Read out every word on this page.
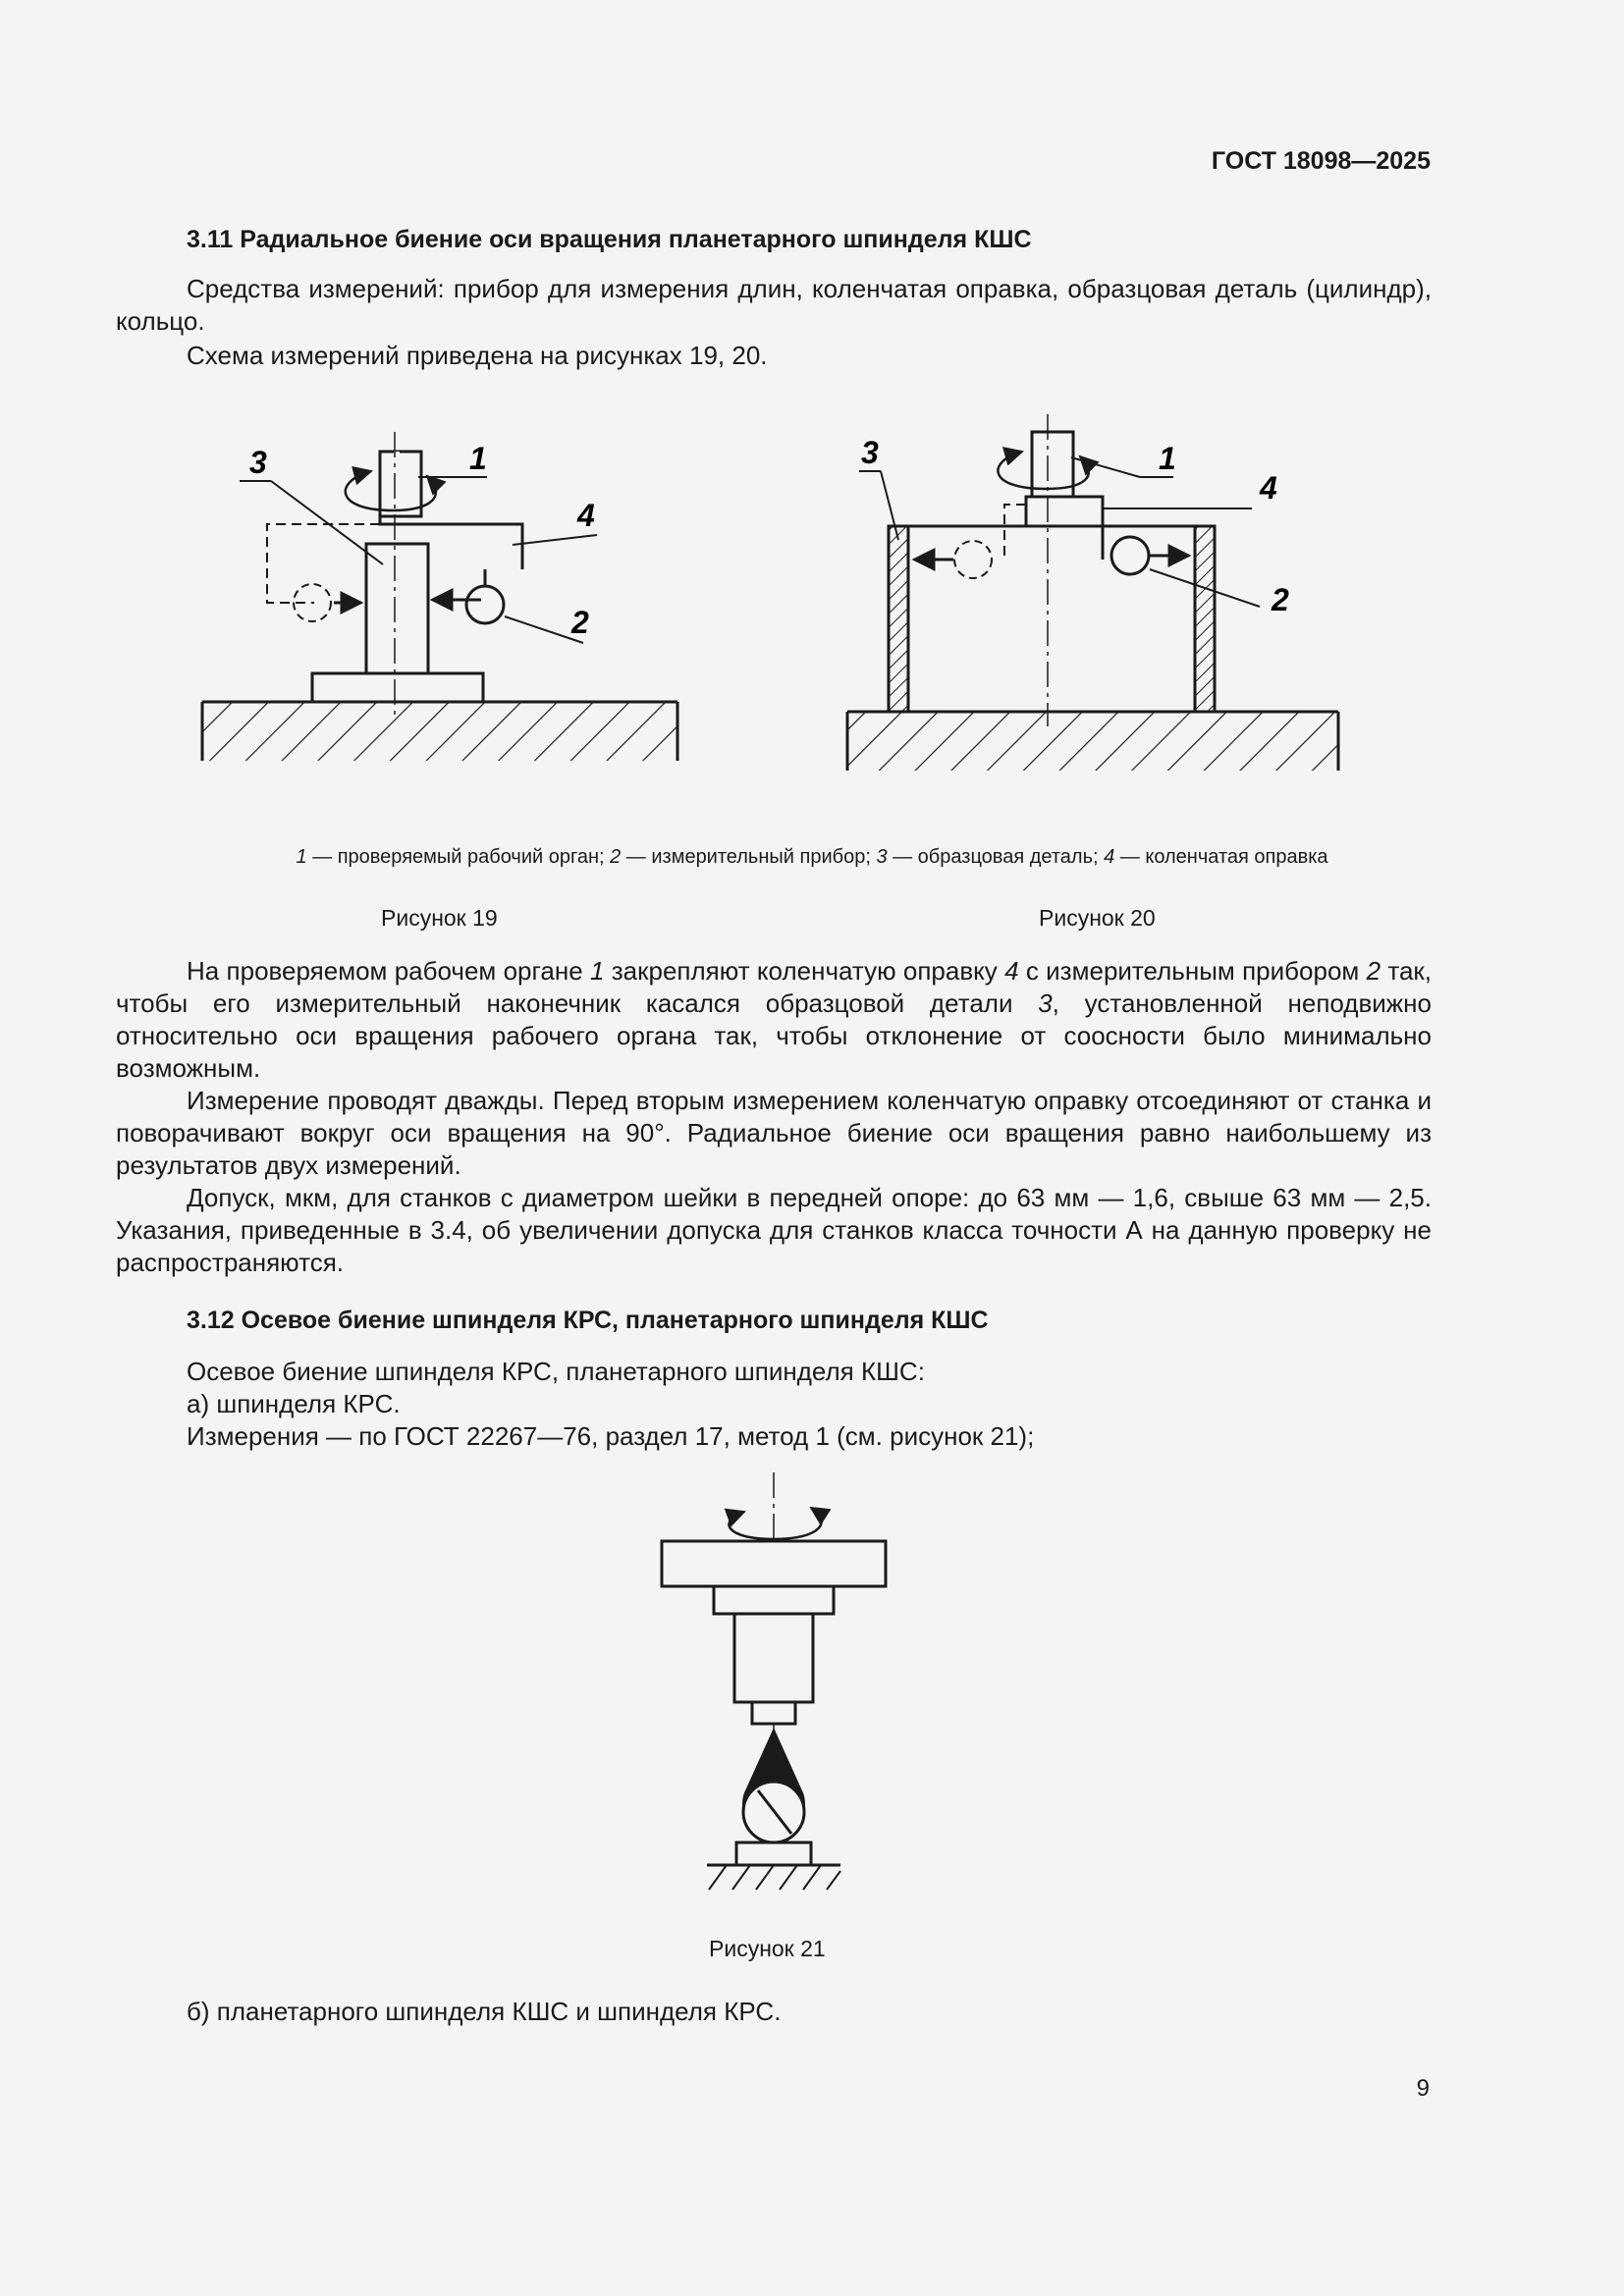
ГОСТ 18098—2025
3.11 Радиальное биение оси вращения планетарного шпинделя КШС
Средства измерений: прибор для измерения длин, коленчатая оправка, образцовая деталь (цилиндр), кольцо.
Схема измерений приведена на рисунках 19, 20.
1
4
2
3	1
4
2
3
1 — проверяемый рабочий орган; 2 — измерительный прибор; 3 — образцовая деталь; 4 — коленчатая оправка
Рисунок 19	Рисунок 20
На проверяемом рабочем органе 1 закрепляют коленчатую оправку 4 с измерительным прибором 2 так, чтобы его измерительный наконечник касался образцовой детали 3, установленной неподвижно относительно оси вращения рабочего органа так, чтобы отклонение от соосности было минимально возможным.
Измерение проводят дважды. Перед вторым измерением коленчатую оправку отсоединяют от станка и поворачивают вокруг оси вращения на 90°. Радиальное биение оси вращения равно наибольшему из результатов двух измерений.
Допуск, мкм, для станков с диаметром шейки в передней опоре: до 63 мм — 1,6, свыше 63 мм — 2,5. Указания, приведенные в 3.4, об увеличении допуска для станков класса точности А на данную проверку не распространяются.
3.12 Осевое биение шпинделя КРС, планетарного шпинделя КШС
Осевое биение шпинделя КРС, планетарного шпинделя КШС:
а) шпинделя КРС.
Измерения — по ГОСТ 22267—76, раздел 17, метод 1 (см. рисунок 21);
Рисунок 21
б) планетарного шпинделя КШС и шпинделя КРС.
9
